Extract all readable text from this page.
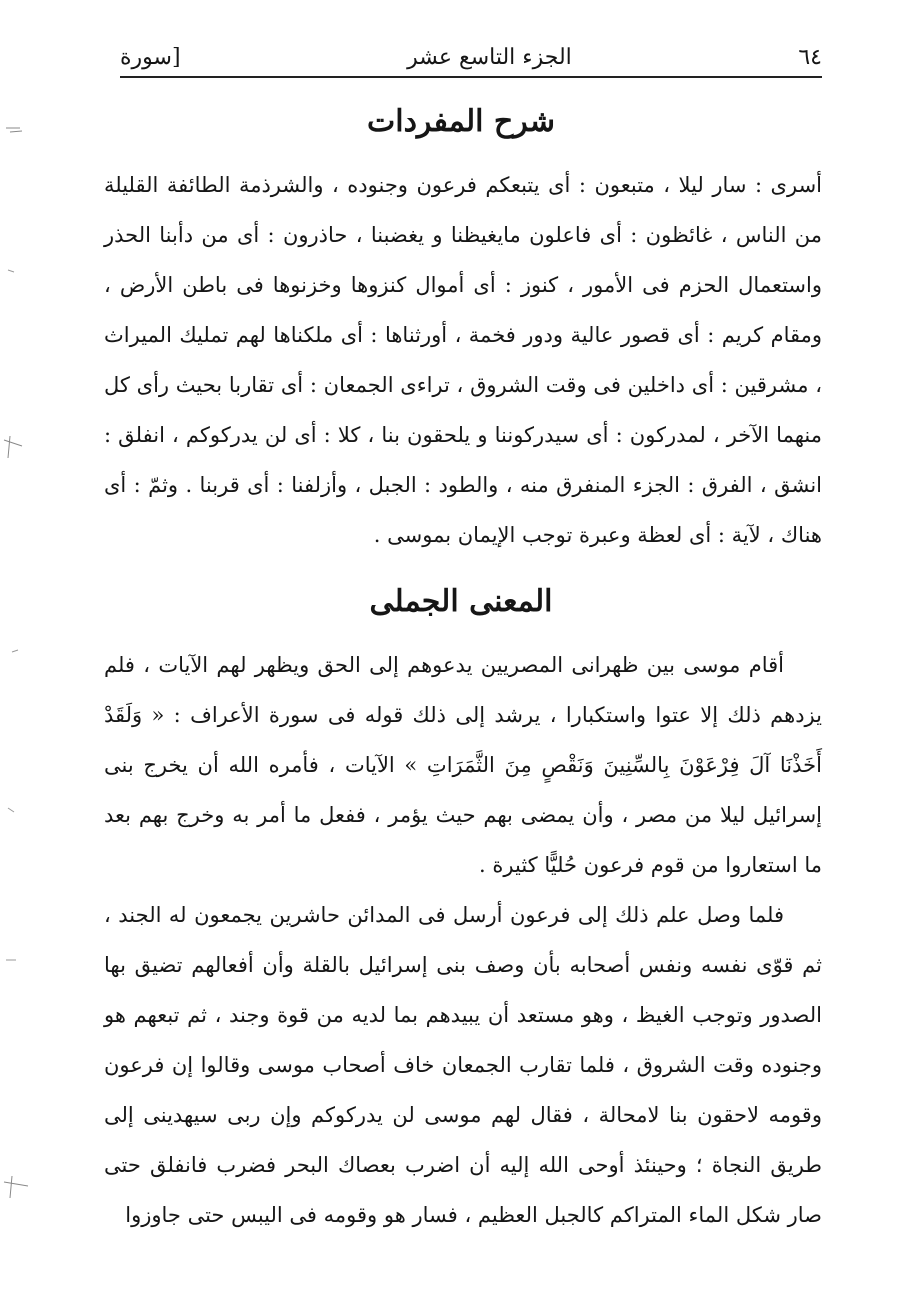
٦٤
الجزء التاسع عشر
[سورة
شرح المفردات

أسرى : سار ليلا ، متبعون : أى يتبعكم فرعون وجنوده ، والشرذمة الطائفة القليلة من الناس ، غائظون : أى فاعلون مايغيظنا و يغضبنا ، حاذرون : أى من دأبنا الحذر واستعمال الحزم فى الأمور ، كنوز : أى أموال كنزوها وخزنوها فى باطن الأرض ، ومقام كريم : أى قصور عالية ودور فخمة ، أورثناها : أى ملكناها لهم تمليك الميراث ، مشرقين : أى داخلين فى وقت الشروق ، تراءى الجمعان : أى تقاربا بحيث رأى كل منهما الآخر ، لمدركون : أى سيدركوننا و يلحقون بنا ، كلا : أى لن يدركوكم ، انفلق : انشق ، الفرق : الجزء المنفرق منه ، والطود : الجبل ، وأزلفنا : أى قربنا . وثمّ : أى هناك ، لآية : أى لعظة وعبرة توجب الإيمان بموسى .

المعنى الجملى

أقام موسى بين ظهرانى المصريين يدعوهم إلى الحق ويظهر لهم الآيات ، فلم يزدهم ذلك إلا عتوا واستكبارا ، يرشد إلى ذلك قوله فى سورة الأعراف : « وَلَقَدْ أَخَذْنَا آلَ فِرْعَوْنَ بِالسِّنِينَ وَنَقْصٍ مِنَ الثَّمَرَاتِ » الآيات ، فأمره الله أن يخرج بنى إسرائيل ليلا من مصر ، وأن يمضى بهم حيث يؤمر ، ففعل ما أمر به وخرج بهم بعد ما استعاروا من قوم فرعون حُليًّا كثيرة .

فلما وصل علم ذلك إلى فرعون أرسل فى المدائن حاشرين يجمعون له الجند ، ثم قوّى نفسه ونفس أصحابه بأن وصف بنى إسرائيل بالقلة وأن أفعالهم تضيق بها الصدور وتوجب الغيظ ، وهو مستعد أن يبيدهم بما لديه من قوة وجند ، ثم تبعهم هو وجنوده وقت الشروق ، فلما تقارب الجمعان خاف أصحاب موسى وقالوا إن فرعون وقومه لاحقون بنا لامحالة ، فقال لهم موسى لن يدركوكم وإن ربى سيهدينى إلى طريق النجاة ؛ وحينئذ أوحى الله إليه أن اضرب بعصاك البحر فضرب فانفلق حتى صار شكل الماء المتراكم كالجبل العظيم ، فسار هو وقومه فى اليبس حتى جاوزوا
